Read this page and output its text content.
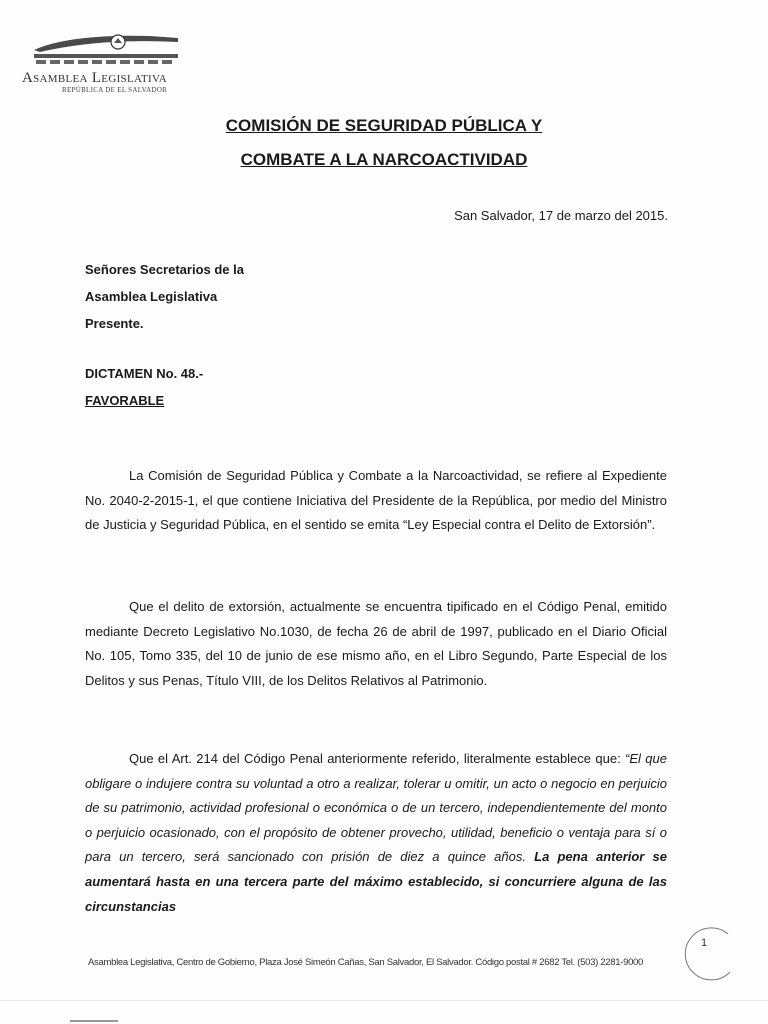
Asamblea Legislativa
REPÚBLICA DE EL SALVADOR
COMISIÓN DE SEGURIDAD PÚBLICA Y
COMBATE A LA NARCOACTIVIDAD
San Salvador, 17 de marzo del 2015.
Señores Secretarios de la
Asamblea Legislativa
Presente.
DICTAMEN No. 48.-
FAVORABLE

La Comisión de Seguridad Pública y Combate a la Narcoactividad, se refiere al Expediente No. 2040-2-2015-1, el que contiene Iniciativa del Presidente de la República, por medio del Ministro de Justicia y Seguridad Pública, en el sentido se emita “Ley Especial contra el Delito de Extorsión”.

Que el delito de extorsión, actualmente se encuentra tipificado en el Código Penal, emitido mediante Decreto Legislativo No.1030, de fecha 26 de abril de 1997, publicado en el Diario Oficial No. 105, Tomo 335, del 10 de junio de ese mismo año, en el Libro Segundo, Parte Especial de los Delitos y sus Penas, Título VIII, de los Delitos Relativos al Patrimonio.

Que el Art. 214 del Código Penal anteriormente referido, literalmente establece que: “El que obligare o indujere contra su voluntad a otro a realizar, tolerar u omitir, un acto o negocio en perjuicio de su patrimonio, actividad profesional o económica o de un tercero, independientemente del monto o perjuicio ocasionado, con el propósito de obtener provecho, utilidad, beneficio o ventaja para sí o para un tercero, será sancionado con prisión de diez a quince años. La pena anterior se aumentará hasta en una tercera parte del máximo establecido, si concurriere alguna de las circunstancias

Asamblea Legislativa, Centro de Gobierno, Plaza José Simeón Cañas, San Salvador, El Salvador. Código postal # 2682 Tel. (503) 2281-9000
1
